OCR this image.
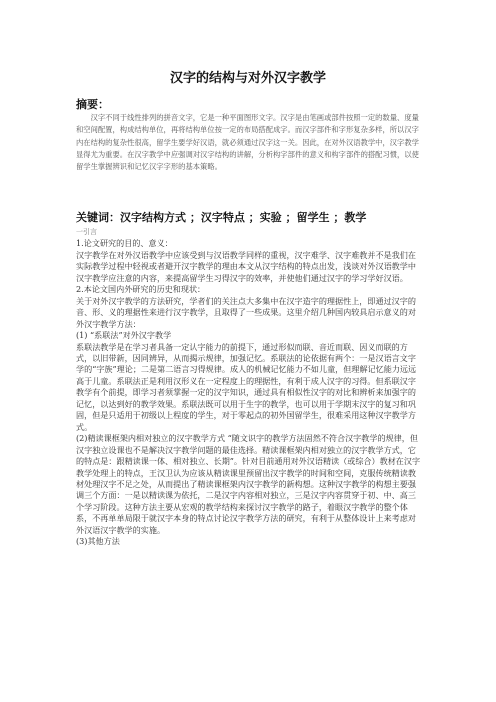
汉字的结构与对外汉字教学
摘要：

汉字不同于线性排列的拼音文字，它是一种平面图形文字。汉字是由笔画或部件按照一定的数量、度量和空间配置，构成结构单位，再将结构单位按一定的布局搭配成字。而汉字部件和字形复杂多样，所以汉字内在结构的复杂性很高，留学生要学好汉语，就必须通过汉字这一关。因此，在对外汉语教学中，汉字教学显得尤为重要。在汉字教学中应强调对汉字结构的讲解，分析构字部件的意义和构字部件的搭配习惯，以使留学生掌握辨识和记忆汉字字形的基本策略。

关键词：汉字结构方式 ；汉字特点 ；实验 ；留学生 ；教学

一引言

1.论文研究的目的、意义：

汉字教学在对外汉语教学中应该受到与汉语教学同样的重视，汉字难学、汉字难教并不是我们在实际教学过程中轻视或者避开汉字教学的理由本文从汉字结构的特点出发，浅谈对外汉语教学中汉字教学应注意的内容，来提高留学生习得汉字的效率，并使他们通过汉字的学习学好汉语。

2.本论文国内外研究的历史和现状：

关于对外汉字教学的方法研究，学者们的关注点大多集中在汉字造字的理据性上，即通过汉字的音、形、义的理据性来进行汉字教学，且取得了一些成果。这里介绍几种国内较具启示意义的对外汉字教学方法：

(1) “系联法”对外汉字教学

系联法教学是在学习者具备一定认字能力的前提下，通过形似而联、音近而联、因义而联的方式，以旧带新，因同辨异，从而揭示规律，加强记忆。系联法的论依据有两个：一是汉语言文字学的“字族”理论；二是第二语言习得规律。成人的机械记忆能力不如儿童，但理解记忆能力远远高于儿童。系联法正是利用汉形义在一定程度上的理据性，有利于成人汉字的习得。但系联汉字教学有个前提，即学习者须掌握一定的汉字知识，通过具有相似性汉字的对比和辨析来加强字的记忆，以达到好的教学效果。系联法既可以用于生字的教学，也可以用于学期末汉字的复习和巩固，但是只适用于初级以上程度的学生，对于零起点的初外国留学生，很难采用这种汉字教学方式。

(2)精读课框架内相对独立的汉字教学方式 “随文识字的教学方法固然不符合汉字教学的规律，但汉字独立设课也不是解决汉字教学问题的最佳选择。精读课框架内相对独立的汉字教学方式，它的特点是：跟精读课一体、相对独立、长期”。针对目前通用对外汉语精读（或综合）教材在汉字教学处理上的特点，王汉卫认为应该从精读课里预留出汉字教学的时间和空间，克服传统精读教材处理汉字不足之处，从而提出了精读课框架内汉字教学的新构想。这种汉字教学的构想主要强调三个方面：一是以精读课为依托，二是汉字内容相对独立，三是汉字内容贯穿于初、中、高三个学习阶段。这种方法主要从宏观的教学结构来探讨汉字教学的路子，着眼汉字教学的整个体系，不再单单局限于就汉字本身的特点讨论汉字教学方法的研究，有利于从整体设计上来考虑对外汉语汉字教学的实施。

(3)其他方法
